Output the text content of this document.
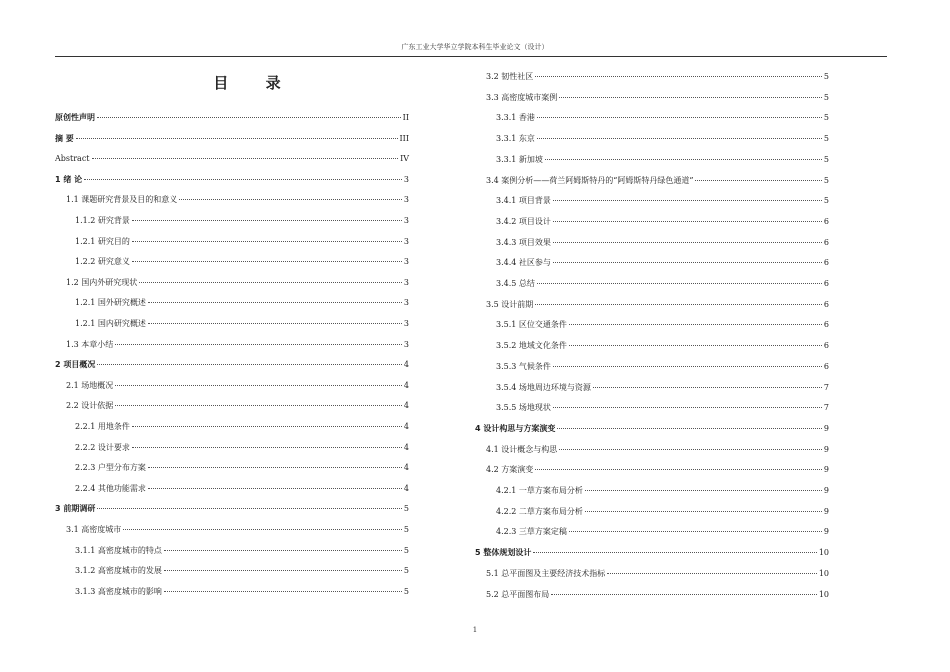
广东工业大学华立学院本科生毕业论文（设计）
目 录
原创性声明	II
摘 要	III
Abstract	IV
1 绪 论	3
1.1 课题研究背景及目的和意义	3
1.1.2 研究背景	3
1.2.1 研究目的	3
1.2.2 研究意义	3
1.2 国内外研究现状	3
1.2.1 国外研究概述	3
1.2.1 国内研究概述	3
1.3 本章小结	3
2 项目概况	4
2.1 场地概况	4
2.2 设计依据	4
2.2.1 用地条件	4
2.2.2 设计要求	4
2.2.3 户型分布方案	4
2.2.4 其他功能需求	4
3 前期调研	5
3.1 高密度城市	5
3.1.1 高密度城市的特点	5
3.1.2 高密度城市的发展	5
3.1.3 高密度城市的影响	5
3.2 韧性社区	5
3.3 高密度城市案例	5
3.3.1 香港	5
3.3.1 东京	5
3.3.1 新加坡	5
3.4 案例分析——荷兰阿姆斯特丹的“阿姆斯特丹绿色通道”	5
3.4.1 项目背景	5
3.4.2 项目设计	6
3.4.3 项目效果	6
3.4.4 社区参与	6
3.4.5 总结	6
3.5 设计前期	6
3.5.1 区位交通条件	6
3.5.2 地域文化条件	6
3.5.3 气候条件	6
3.5.4 场地周边环境与资源	7
3.5.5 场地现状	7
4 设计构思与方案演变	9
4.1 设计概念与构思	9
4.2 方案演变	9
4.2.1 一草方案布局分析	9
4.2.2 二草方案布局分析	9
4.2.3 三草方案定稿	9
5 整体规划设计	10
5.1 总平面图及主要经济技术指标	10
5.2 总平面图布局	10
1
